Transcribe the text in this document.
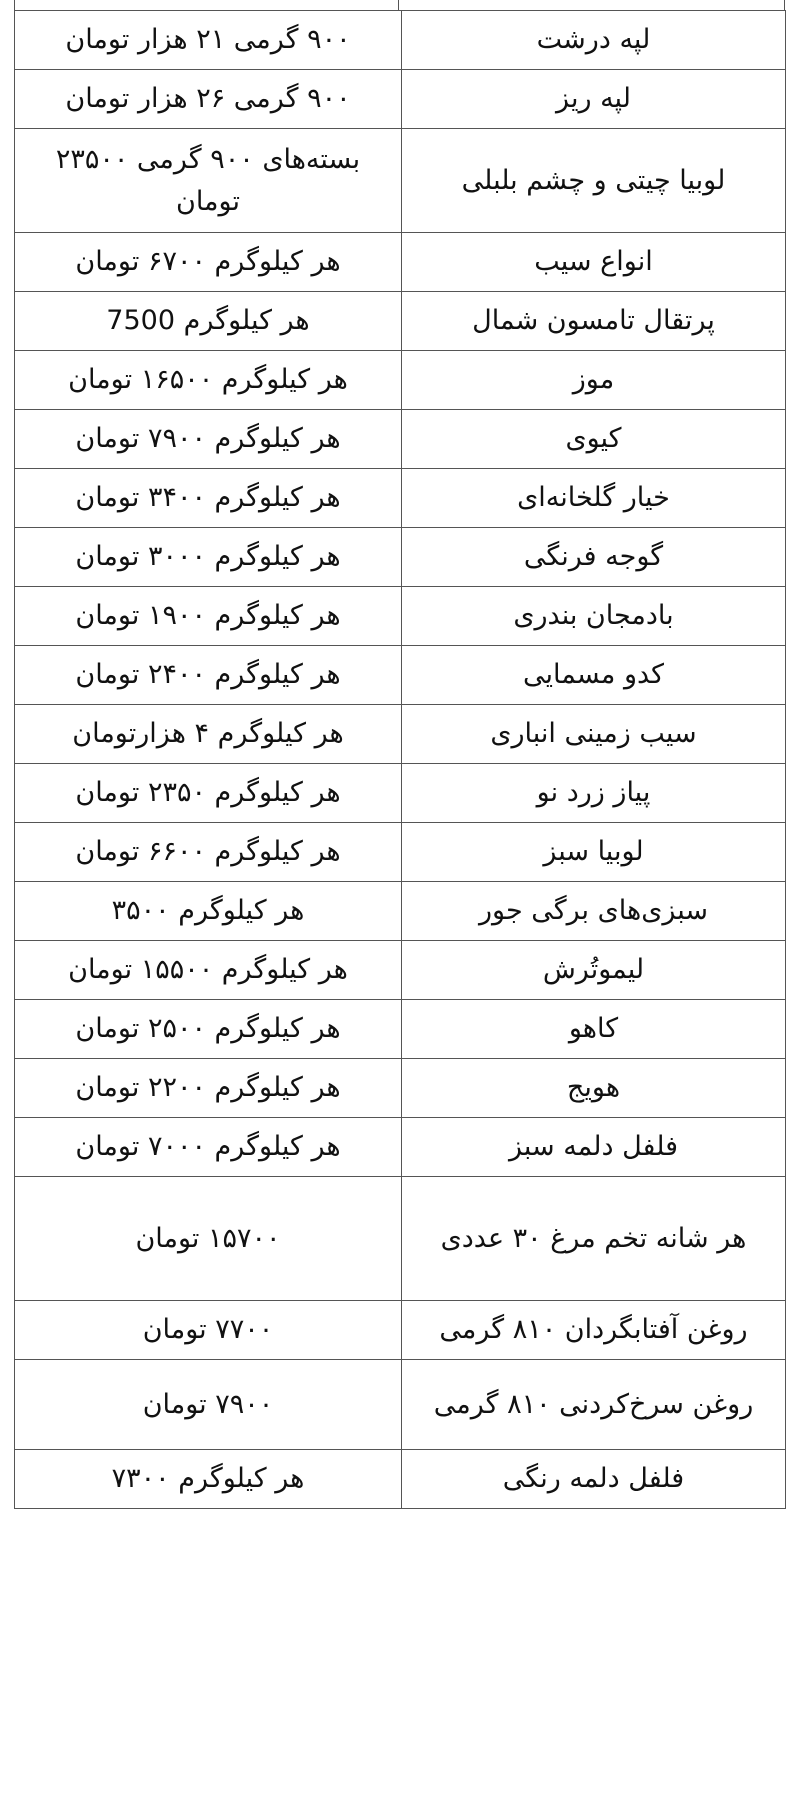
لپه درشت	۹۰۰ گرمی ۲۱ هزار تومان
لپه ریز	۹۰۰ گرمی ۲۶ هزار تومان
لوبیا چیتی و چشم بلبلی	بسته‌های ۹۰۰ گرمی ۲۳۵۰۰ تومان
انواع سیب	هر کیلوگرم ۶۷۰۰ تومان
پرتقال تامسون شمال	هر کیلوگرم 7500
موز	هر کیلوگرم ۱۶۵۰۰ تومان
کیوی	هر کیلوگرم ۷۹۰۰ تومان
خیار گلخانه‌ای	هر کیلوگرم ۳۴۰۰ تومان
گوجه فرنگی	هر کیلوگرم ۳۰۰۰ تومان
بادمجان بندری	هر کیلوگرم ۱۹۰۰ تومان
کدو مسمایی	هر کیلوگرم ۲۴۰۰ تومان
سیب زمینی انباری	هر کیلوگرم ۴ هزارتومان
پیاز زرد نو	هر کیلوگرم ۲۳۵۰ تومان
لوبیا سبز	هر کیلوگرم ۶۶۰۰ تومان
سبزی‌های برگی جور	هر کیلوگرم ۳۵۰۰
لیموتُرش	هر کیلوگرم ۱۵۵۰۰ تومان
کاهو	هر کیلوگرم ۲۵۰۰ تومان
هویج	هر کیلوگرم ۲۲۰۰ تومان
فلفل دلمه سبز	هر کیلوگرم ۷۰۰۰ تومان
هر شانه تخم مرغ ۳۰ عددی	۱۵۷۰۰ تومان
روغن آفتابگردان ۸۱۰ گرمی	۷۷۰۰ تومان
روغن سرخ‌کردنی ۸۱۰ گرمی	۷۹۰۰ تومان
فلفل دلمه رنگی	هر کیلوگرم ۷۳۰۰
